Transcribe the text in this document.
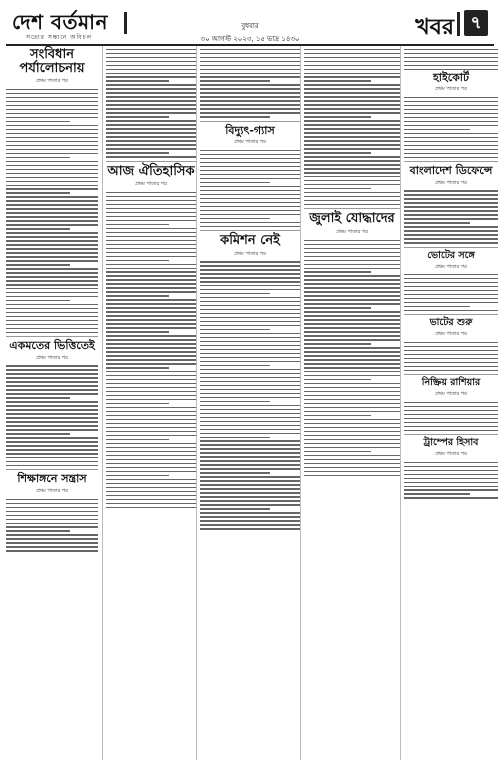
দেশ বর্তমান
সত্যের সন্ধানে অবিচল
বুধবার
৩০ আগস্ট ২০২৩, ১৫ ভাদ্র ১৪৩০	খবর ৭
সংবিধান পর্যালোচনায়
প্রথম পাতার পর
একমতের ভিত্তিতেই
প্রথম পাতার পর
শিক্ষাঙ্গনে সন্ত্রাস
প্রথম পাতার পর
আজ ঐতিহাসিক
প্রথম পাতার পর
বিদ্যুৎ-গ্যাস
প্রথম পাতার পর
কমিশন নেই
প্রথম পাতার পর
জুলাই যোদ্ধাদের
প্রথম পাতার পর
হাইকোর্ট
প্রথম পাতার পর
বাংলাদেশ ডিফেন্সে
প্রথম পাতার পর
ভোটের সঙ্গে
প্রথম পাতার পর
ভাটের শুরু
প্রথম পাতার পর
নিষ্ক্রিয় রাশিয়ার
প্রথম পাতার পর
ট্রাম্পের হিসাব
প্রথম পাতার পর
